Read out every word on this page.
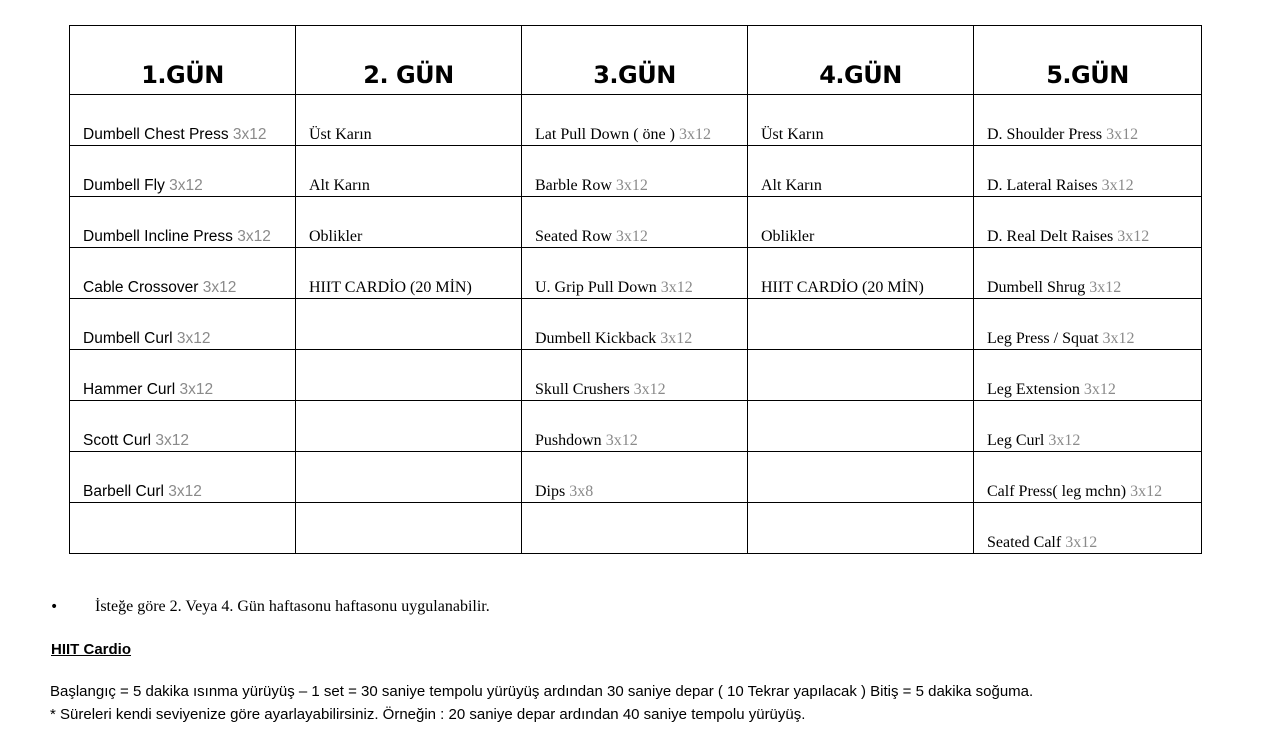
1.GÜN	2. GÜN	3.GÜN	4.GÜN	5.GÜN

Dumbell Chest Press 3x12	Üst Karın	Lat Pull Down ( öne ) 3x12	Üst Karın	D. Shoulder Press 3x12

Dumbell Fly 3x12	Alt Karın	Barble Row 3x12	Alt Karın	D. Lateral Raises 3x12

Dumbell Incline Press 3x12	Oblikler	Seated Row 3x12	Oblikler	D. Real Delt Raises 3x12

Cable Crossover 3x12	HIIT CARDİO (20 MİN)	U. Grip Pull Down 3x12	HIIT CARDİO (20 MİN)	Dumbell Shrug 3x12

Dumbell Curl 3x12		Dumbell Kickback 3x12		Leg Press / Squat 3x12

Hammer Curl 3x12		Skull Crushers 3x12		Leg Extension 3x12

Scott Curl 3x12		Pushdown 3x12		Leg Curl 3x12

Barbell Curl 3x12		Dips 3x8		Calf Press( leg mchn) 3x12

				Seated Calf 3x12
• İsteğe göre 2. Veya 4. Gün haftasonu haftasonu uygulanabilir.
HIIT Cardio
Başlangıç = 5 dakika ısınma yürüyüş – 1 set = 30 saniye tempolu yürüyüş ardından 30 saniye depar ( 10 Tekrar yapılacak ) Bitiş = 5 dakika soğuma.
* Süreleri kendi seviyenize göre ayarlayabilirsiniz. Örneğin : 20 saniye depar ardından 40 saniye tempolu yürüyüş.
